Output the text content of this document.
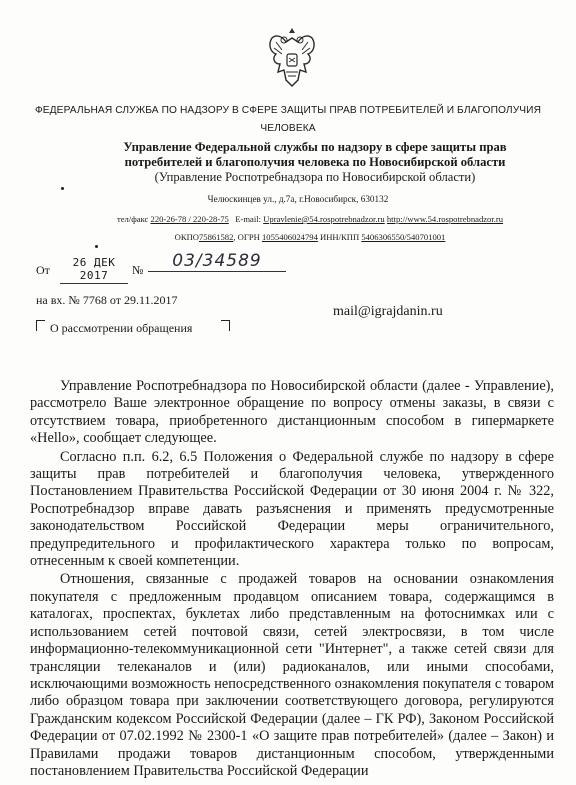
ФЕДЕРАЛЬНАЯ СЛУЖБА ПО НАДЗОРУ В СФЕРЕ ЗАЩИТЫ ПРАВ ПОТРЕБИТЕЛЕЙ И БЛАГОПОЛУЧИЯ ЧЕЛОВЕКА
Управление Федеральной службы по надзору в сфере защиты прав
потребителей и благополучия человека по Новосибирской области
(Управление Роспотребнадзора по Новосибирской области)
Челюскинцев ул., д.7а, г.Новосибирск, 630132
тел/факс 220-26-78 / 220-28-75 E-mail: Upravlenie@54.rospotrebnadzor.ru http://www.54.rospotrebnadzor.ru
ОКПО75861582, ОГРН 1055406024794 ИНН/КПП 5406306550/540701001
От
26 ДЕК 2017	№	03/34589
на вх. № 7768 от 29.11.2017
mail@igrajdanin.ru
О рассмотрении обращения

Управление Роспотребнадзора по Новосибирской области (далее - Управление), рассмотрело Ваше электронное обращение по вопросу отмены заказы, в связи с отсутствием товара, приобретенного дистанционным способом в гипермаркете «Hello», сообщает следующее.

Согласно п.п. 6.2, 6.5 Положения о Федеральной службе по надзору в сфере защиты прав потребителей и благополучия человека, утвержденного Постановлением Правительства Российской Федерации от 30 июня 2004 г. № 322, Роспотребнадзор вправе давать разъяснения и применять предусмотренные законодательством Российской Федерации меры ограничительного, предупредительного и профилактического характера только по вопросам, отнесенным к своей компетенции.

Отношения, связанные с продажей товаров на основании ознакомления покупателя с предложенным продавцом описанием товара, содержащимся в каталогах, проспектах, буклетах либо представленным на фотоснимках или с использованием сетей почтовой связи, сетей электросвязи, в том числе информационно-телекоммуникационной сети "Интернет", а также сетей связи для трансляции телеканалов и (или) радиоканалов, или иными способами, исключающими возможность непосредственного ознакомления покупателя с товаром либо образцом товара при заключении соответствующего договора, регулируются Гражданским кодексом Российской Федерации (далее – ГК РФ), Законом Российской Федерации от 07.02.1992 № 2300-1 «О защите прав потребителей» (далее – Закон) и Правилами продажи товаров дистанционным способом, утвержденными постановлением Правительства Российской Федерации
